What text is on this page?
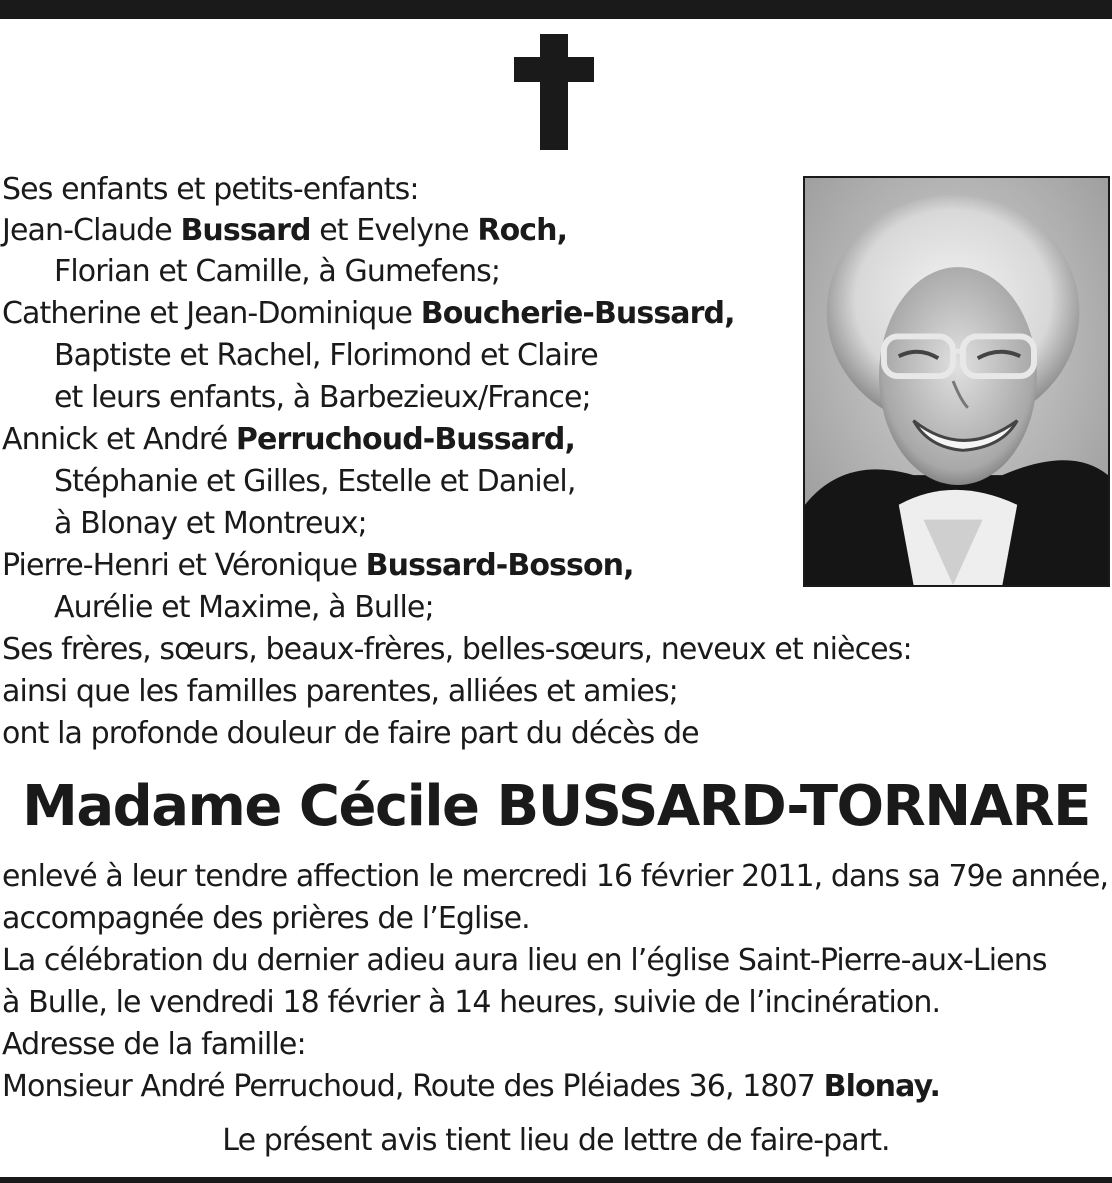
Ses enfants et petits-enfants:
Jean-Claude Bussard et Evelyne Roch,
Florian et Camille, à Gumefens;
Catherine et Jean-Dominique Boucherie-Bussard,
Baptiste et Rachel, Florimond et Claire
et leurs enfants, à Barbezieux/France;
Annick et André Perruchoud-Bussard,
Stéphanie et Gilles, Estelle et Daniel,
à Blonay et Montreux;
Pierre-Henri et Véronique Bussard-Bosson,
Aurélie et Maxime, à Bulle;
Ses frères, sœurs, beaux-frères, belles-sœurs, neveux et nièces:
ainsi que les familles parentes, alliées et amies;
ont la profonde douleur de faire part du décès de
Madame Cécile BUSSARD-TORNARE
enlevé à leur tendre affection le mercredi 16 février 2011, dans sa 79e année,
accompagnée des prières de l’Eglise.
La célébration du dernier adieu aura lieu en l’église Saint-Pierre-aux-Liens
à Bulle, le vendredi 18 février à 14 heures, suivie de l’incinération.
Adresse de la famille:
Monsieur André Perruchoud, Route des Pléiades 36, 1807 Blonay.
Le présent avis tient lieu de lettre de faire-part.
